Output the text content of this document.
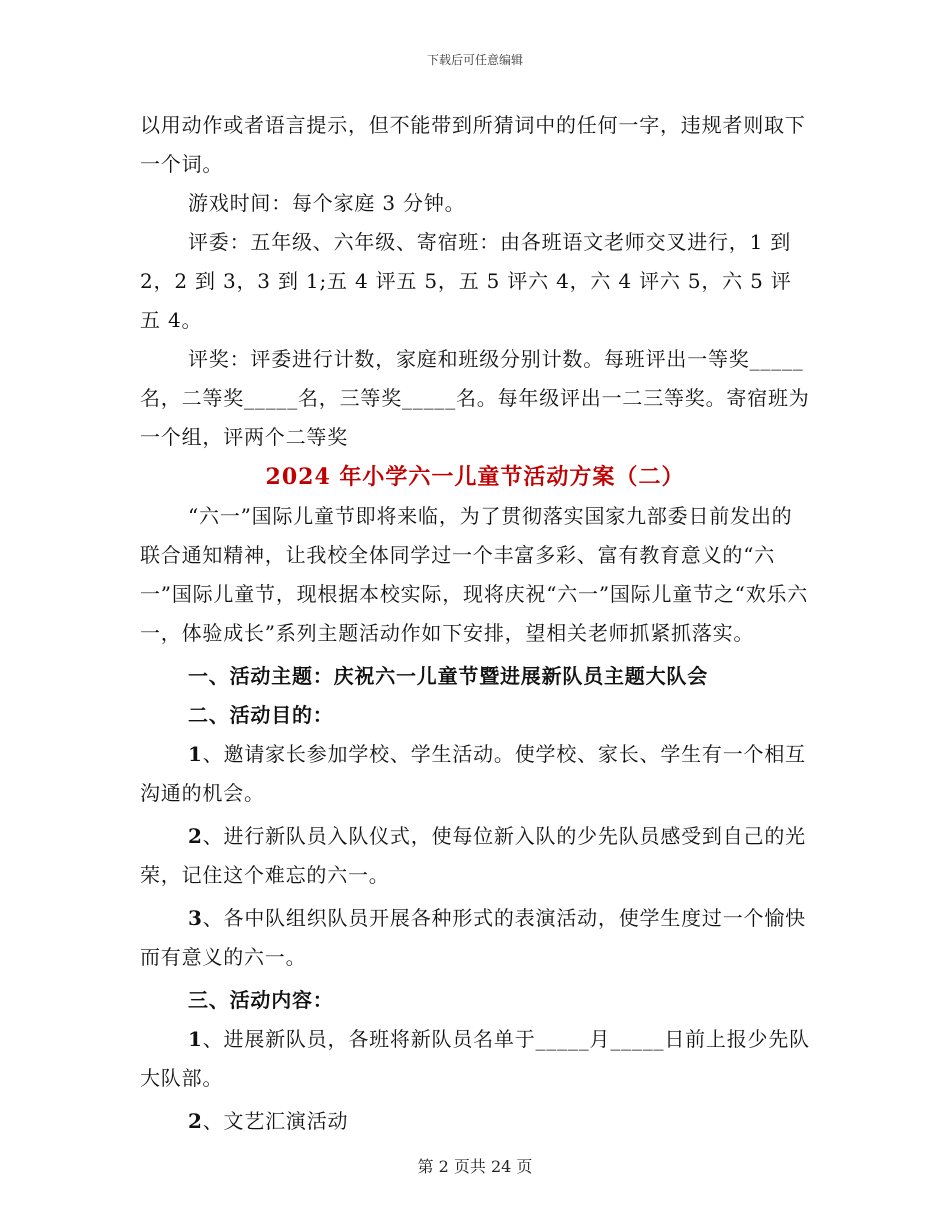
下载后可任意编辑

以用动作或者语言提示，但不能带到所猜词中的任何一字，违规者则取下一个词。

游戏时间：每个家庭 3 分钟。

评委：五年级、六年级、寄宿班：由各班语文老师交叉进行，1 到 2，2 到 3，3 到 1;五 4 评五 5，五 5 评六 4，六 4 评六 5，六 5 评五 4。

评奖：评委进行计数，家庭和班级分别计数。每班评出一等奖_____名，二等奖_____名，三等奖_____名。每年级评出一二三等奖。寄宿班为一个组，评两个二等奖

2024 年小学六一儿童节活动方案（二）

“六一”国际儿童节即将来临，为了贯彻落实国家九部委日前发出的联合通知精神，让我校全体同学过一个丰富多彩、富有教育意义的“六一”国际儿童节，现根据本校实际，现将庆祝“六一”国际儿童节之“欢乐六一，体验成长”系列主题活动作如下安排，望相关老师抓紧抓落实。

一、活动主题：庆祝六一儿童节暨进展新队员主题大队会

二、活动目的：

1、邀请家长参加学校、学生活动。使学校、家长、学生有一个相互沟通的机会。

2、进行新队员入队仪式，使每位新入队的少先队员感受到自己的光荣，记住这个难忘的六一。

3、各中队组织队员开展各种形式的表演活动，使学生度过一个愉快而有意义的六一。

三、活动内容：

1、进展新队员，各班将新队员名单于_____月_____日前上报少先队大队部。

2、文艺汇演活动

第 2 页共 24 页
